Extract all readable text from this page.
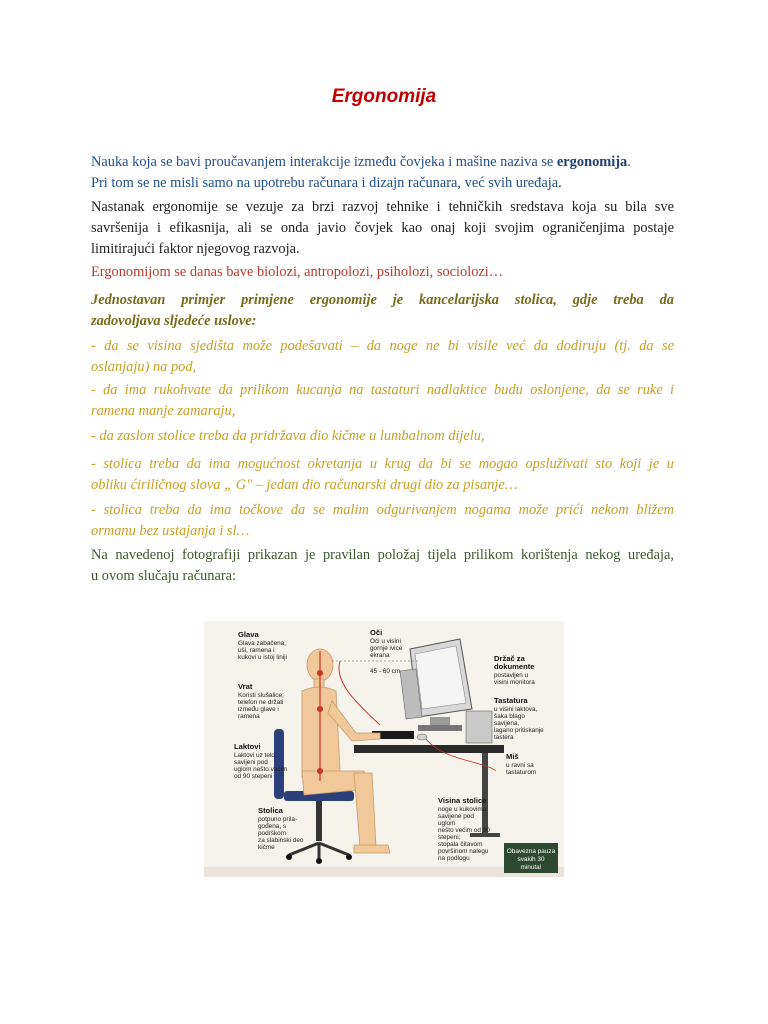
Ergonomija

Nauka koja se bavi proučavanjem interakcije između čovjeka i mašine naziva se ergonomija.
Pri tom se ne misli samo na upotrebu računara i dizajn računara, već svih uređaja.

Nastanak ergonomije se vezuje za brzi razvoj tehnike i tehničkih sredstava koja su bila sve
savršenija i efikasnija, ali se onda javio čovjek kao onaj koji svojim ograničenjima postaje
limitirajući faktor njegovog razvoja.

Ergonomijom se danas bave biolozi, antropolozi, psiholozi, sociolozi…

Jednostavan primjer primjene ergonomije je kancelarijska stolica, gdje treba da
zadovoljava sljedeće uslove:

- da se visina sjedišta može podešavati – da noge ne bi visile već da dodiruju (tj. da se
oslanjaju) na pod,

- da ima rukohvate da prilikom kucanja na tastaturi nadlaktice budu oslonjene, da se ruke i
ramena manje zamaraju,

- da zaslon stolice treba da pridržava dio kičme u lumbalnom dijelu,

- stolica treba da ima mogućnost okretanja u krug da bi se mogao opsluživati sto koji je u
obliku ćiriličnog slova „ G" – jedan dio računarski drugi dio za pisanje…

- stolica treba da ima točkove da se malim odgurivanjem nogama može prići nekom bližem
ormanu bez ustajanja i sl…

Na navedenoj fotografiji prikazan je pravilan položaj tijela prilikom korištenja nekog uređaja,
u ovom slučaju računara:

Glava
Glava zabačena;
uši, ramena i
kukovi u istoj liniji
Vrat
Koristi slušalice;
telefon ne držati
između glave i
ramena
Laktovi
Laktovi uz telo,
savijeni pod
uglom nešto većim
od 90 stepeni
Stolica
potpuno prila-
gođena, s
podrškom
za slabinski deo
kičme
Oči
Oči u visini
gornje ivice
ekrana
45 - 60 cm
Držač za
dokumente
postavljen u
visini monitora
Tastatura
u visini laktova,
šaka blago
savijena,
lagano pritiskanje
tastera
Miš
u ravni sa
tastaturom
Visina stolice
noge u kukovima
savijene pod
uglom
nešto većim od 90
stepeni;
stopala čitavom
površinom nalegu
na podlogu
Obavezna pauza
svakih 30
minuta!
